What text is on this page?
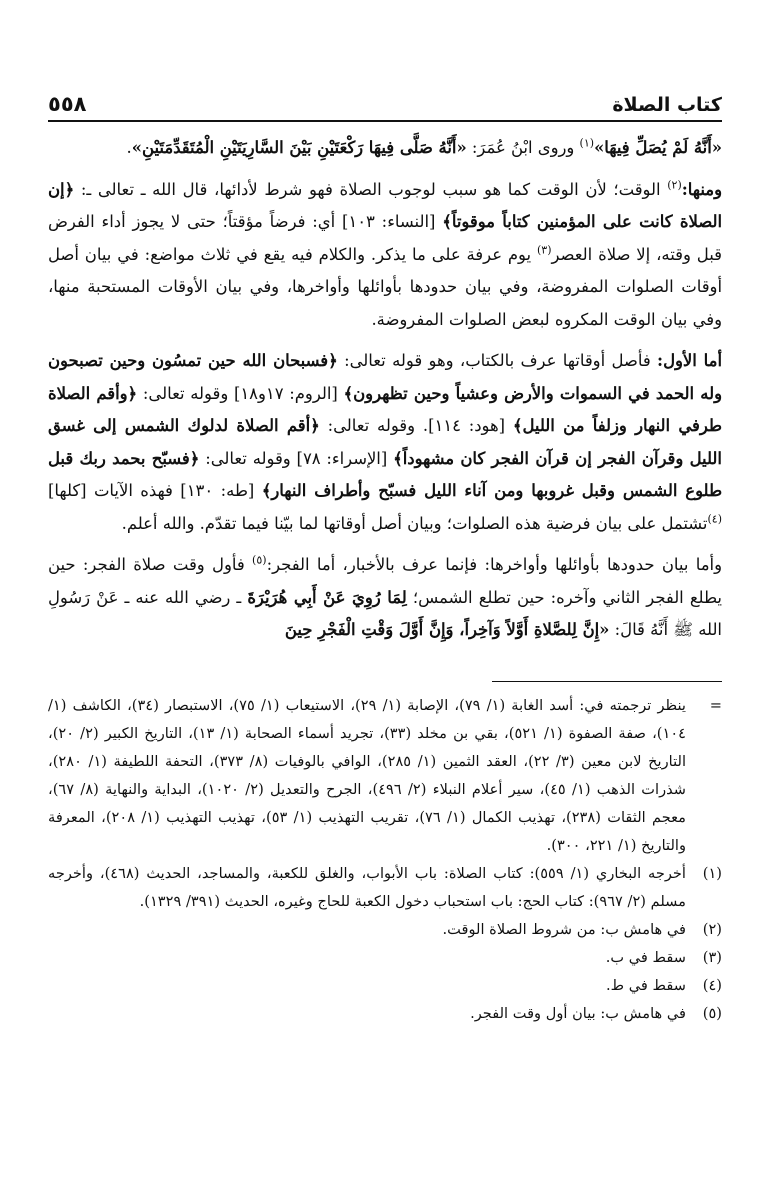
كتاب الصلاة
٥٥٨

«أَنَّهُ لَمْ يُصَلِّ فِيهَا»$^{(١)}$ وروى ابْنُ عُمَرَ: «أَنَّهُ صَلَّى فِيهَا رَكْعَتَيْنِ بَيْنَ السَّارِيَتَيْنِ الْمُتَقَدِّمَتَيْنِ».

ومنها:$^{(٢)}$ الوقت؛ لأن الوقت كما هو سبب لوجوب الصلاة فهو شرط لأدائها، قال الله ـ تعالى ـ: ﴿إن الصلاة كانت على المؤمنين كتاباً موقوتاً﴾ [النساء: ١٠٣] أي: فرضاً مؤقتاً؛ حتى لا يجوز أداء الفرض قبل وقته، إلا صلاة العصر$^{(٣)}$ يوم عرفة على ما يذكر. والكلام فيه يقع في ثلاث مواضع: في بيان أصل أوقات الصلوات المفروضة، وفي بيان حدودها بأوائلها وأواخرها، وفي بيان الأوقات المستحبة منها، وفي بيان الوقت المكروه لبعض الصلوات المفروضة.

أما الأول: فأصل أوقاتها عرف بالكتاب، وهو قوله تعالى: ﴿فسبحان الله حين تمسُون وحين تصبحون وله الحمد في السموات والأرض وعشياً وحين تظهرون﴾ [الروم: ١٧و١٨] وقوله تعالى: ﴿وأقم الصلاة طرفي النهار وزلفاً من الليل﴾ [هود: ١١٤]. وقوله تعالى: ﴿أقم الصلاة لدلوك الشمس إلى غسق الليل وقرآن الفجر إن قرآن الفجر كان مشهوداً﴾ [الإسراء: ٧٨] وقوله تعالى: ﴿فسبّح بحمد ربك قبل طلوع الشمس وقبل غروبها ومن آناء الليل فسبّح وأطراف النهار﴾ [طه: ١٣٠] فهذه الآيات [كلها]$^{(٤)}$تشتمل على بيان فرضية هذه الصلوات؛ وبيان أصل أوقاتها لما بيّنا فيما تقدّم. والله أعلم.

وأما بيان حدودها بأوائلها وأواخرها: فإنما عرف بالأخبار، أما الفجر:$^{(٥)}$ فأول وقت صلاة الفجر: حين يطلع الفجر الثاني وآخره: حين تطلع الشمس؛ لِمَا رُوِيَ عَنْ أَبِي هُرَيْرَةَ ـ رضي الله عنه ـ عَنْ رَسُولِ الله ﷺ أَنَّهُ قَالَ: «إِنَّ لِلصَّلاةِ أَوَّلاً وَآخِراً، وَإِنَّ أَوَّلَ وَقْتِ الْفَجْرِ حِينَ

=
ينظر ترجمته في: أسد الغابة (١/ ٧٩)، الإصابة (١/ ٢٩)، الاستيعاب (١/ ٧٥)، الاستبصار (٣٤)، الكاشف (١/ ١٠٤)، صفة الصفوة (١/ ٥٢١)، بقي بن مخلد (٣٣)، تجريد أسماء الصحابة (١/ ١٣)، التاريخ الكبير (٢/ ٢٠)، التاريخ لابن معين (٣/ ٢٢)، العقد الثمين (١/ ٢٨٥)، الوافي بالوفيات (٨/ ٣٧٣)، التحفة اللطيفة (١/ ٢٨٠)، شذرات الذهب (١/ ٤٥)، سير أعلام النبلاء (٢/ ٤٩٦)، الجرح والتعديل (٢/ ١٠٢٠)، البداية والنهاية (٨/ ٦٧)، معجم الثقات (٢٣٨)، تهذيب الكمال (١/ ٧٦)، تقريب التهذيب (١/ ٥٣)، تهذيب التهذيب (١/ ٢٠٨)، المعرفة والتاريخ (١/ ٢٢١، ٣٠٠).

(١)
أخرجه البخاري (١/ ٥٥٩): كتاب الصلاة: باب الأبواب، والغلق للكعبة، والمساجد، الحديث (٤٦٨)، وأخرجه مسلم (٢/ ٩٦٧): كتاب الحج: باب استحباب دخول الكعبة للحاج وغيره، الحديث (٣٩١/ ١٣٢٩).

(٢)
في هامش ب: من شروط الصلاة الوقت.

(٣)
سقط في ب.

(٤)
سقط في ط.

(٥)
في هامش ب: بيان أول وقت الفجر.
